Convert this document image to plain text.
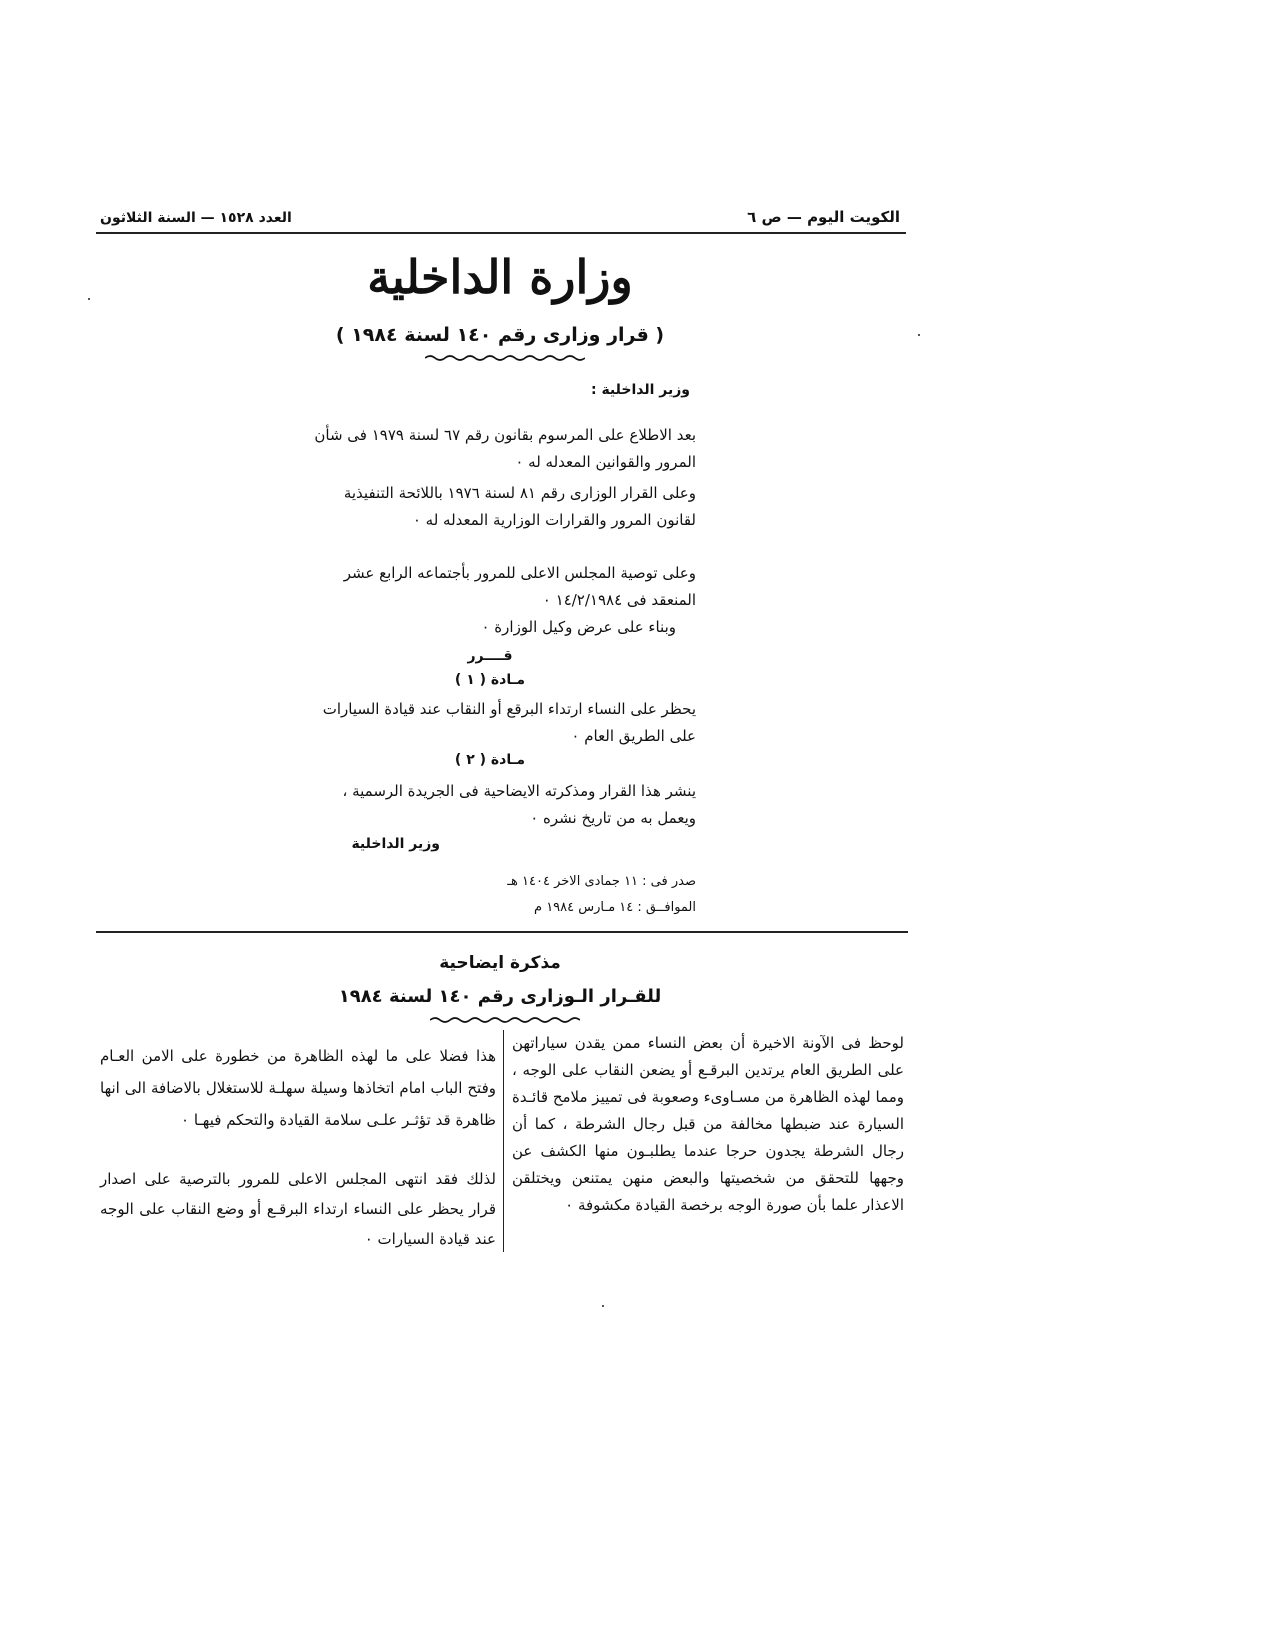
الكويت اليوم — ص ٦
العدد ١٥٢٨ — السنة الثلاثون
وزارة الداخلية
( قرار وزارى رقم ١٤٠ لسنة ١٩٨٤ )
وزير الداخلية :
بعد الاطلاع على المرسوم بقانون رقم ٦٧ لسنة ١٩٧٩ فى شأن المرور والقوانين المعدله له ٠
وعلى القرار الوزارى رقم ٨١ لسنة ١٩٧٦ باللائحة التنفيذية لقانون المرور والقرارات الوزارية المعدله له ٠
وعلى توصية المجلس الاعلى للمرور بأجتماعه الرابع عشر المنعقد فى ١٤/٢/١٩٨٤ ٠
وبناء على عرض وكيل الوزارة ٠
قــــرر
مـادة ( ١ )
يحظر على النساء ارتداء البرقع أو النقاب عند قيادة السيارات على الطريق العام ٠
مـادة ( ٢ )
ينشر هذا القرار ومذكرته الايضاحية فى الجريدة الرسمية ، ويعمل به من تاريخ نشره ٠
وزير الداخلية
صدر فى : ١١ جمادى الاخر ١٤٠٤ هـ
الموافــق : ١٤ مـارس ١٩٨٤ م
مذكرة ايضاحية
للقـرار الـوزارى رقم ١٤٠ لسنة ١٩٨٤
لوحظ فى الآونة الاخيرة أن بعض النساء ممن يقدن سياراتهن على الطريق العام يرتدين البرقـع أو يضعن النقاب على الوجه ، ومما لهذه الظاهرة من مسـاوىء وصعوبة فى تمييز ملامح قائـدة السيارة عند ضبطها مخالفة من قبل رجال الشرطة ، كما أن رجال الشرطة يجدون حرجا عندما يطلبـون منها الكشف عن وجهها للتحقق من شخصيتها والبعض منهن يمتنعن ويختلقن الاعذار علما بأن صورة الوجه برخصة القيادة مكشوفة ٠
هذا فضلا على ما لهذه الظاهرة من خطورة على الامن العـام وفتح الباب امام اتخاذها وسيلة سهلـة للاستغلال بالاضافة الى انها ظاهرة قد تؤثـر علـى سلامة القيادة والتحكم فيهـا ٠
لذلك فقد انتهى المجلس الاعلى للمرور بالترصية على اصدار قرار يحظر على النساء ارتداء البرقـع أو وضع النقاب على الوجه عند قيادة السيارات ٠
